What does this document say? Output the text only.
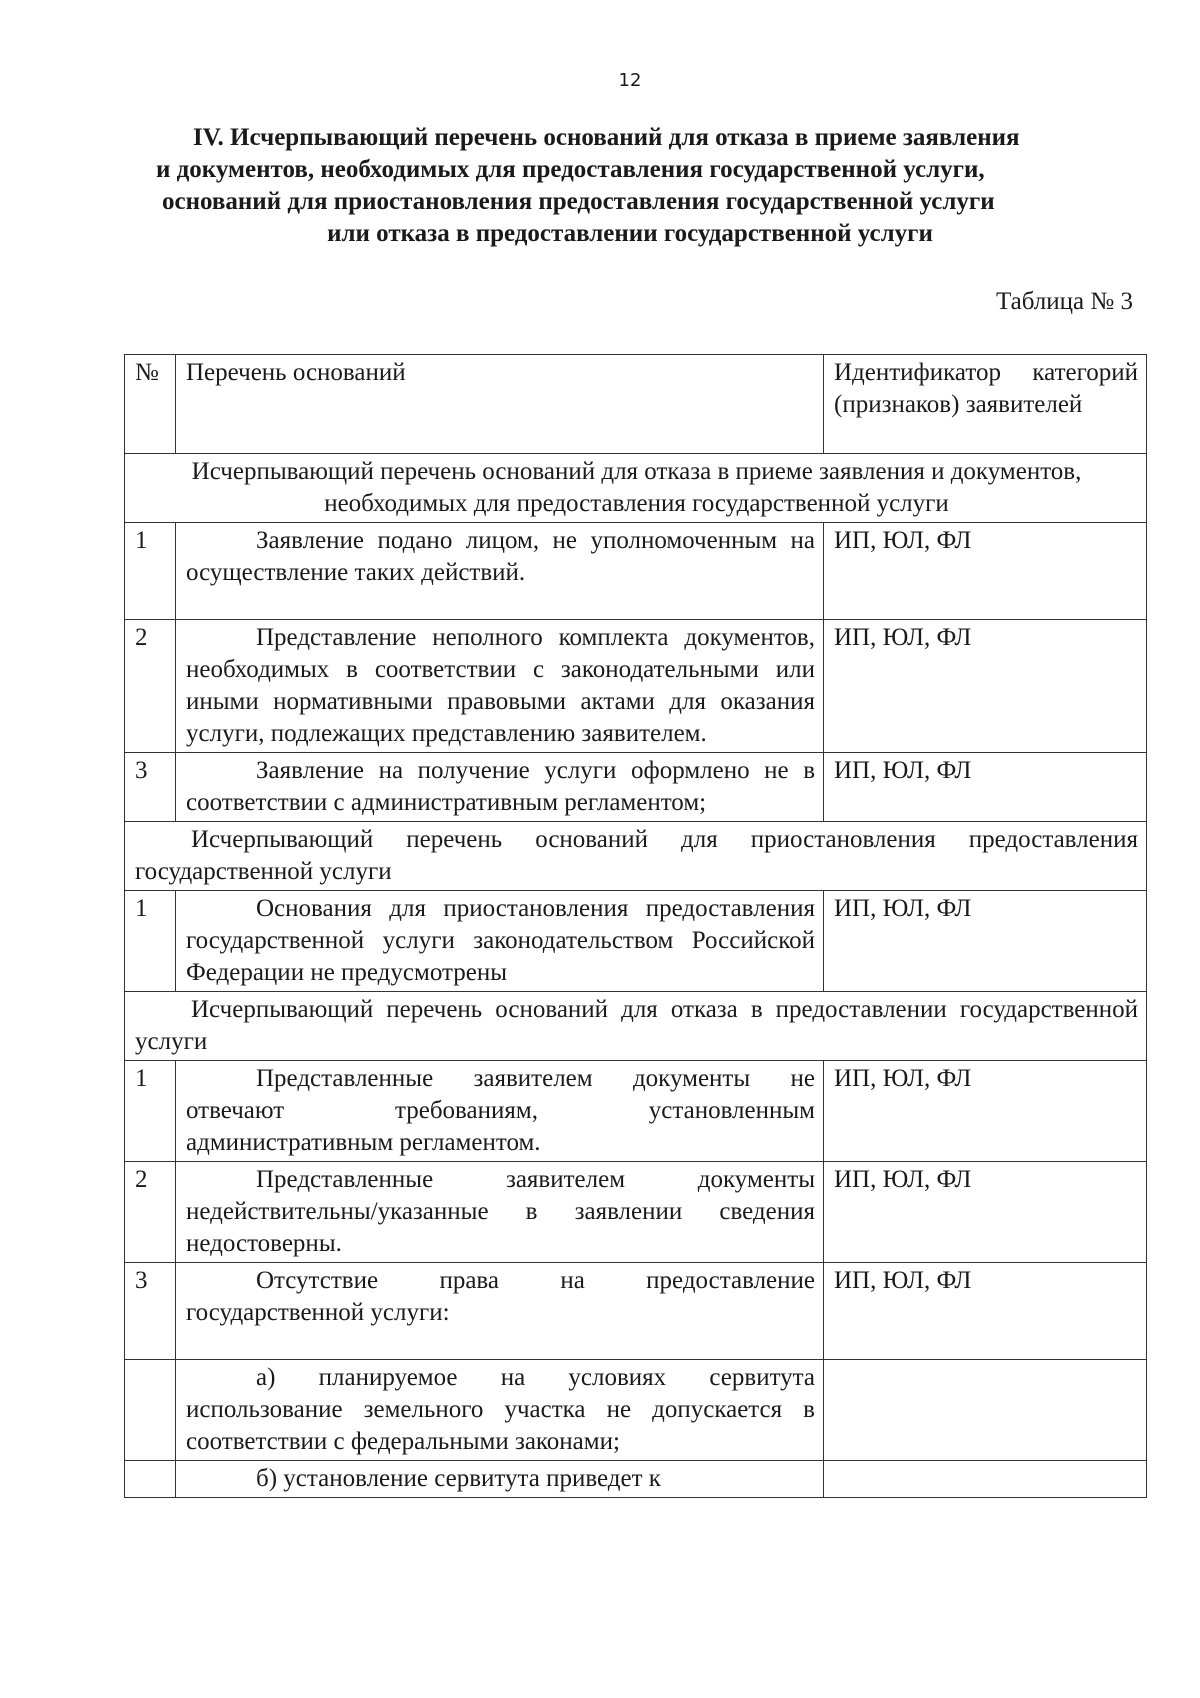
12
IV. Исчерпывающий перечень оснований для отказа в приеме заявления
и документов, необходимых для предоставления государственной услуги,
оснований для приостановления предоставления государственной услуги
или отказа в предоставлении государственной услуги
Таблица № 3
№	Перечень оснований	Идентификатор категорий (признаков) заявителей
Исчерпывающий перечень оснований для отказа в приеме заявления и документов, необходимых для предоставления государственной услуги		
1	Заявление подано лицом, не уполномоченным на осуществление таких действий.	ИП, ЮЛ, ФЛ
2	Представление неполного комплекта документов, необходимых в соответствии с законодательными или иными нормативными правовыми актами для оказания услуги, подлежащих представлению заявителем.	ИП, ЮЛ, ФЛ
3	Заявление на получение услуги оформлено не в соответствии с административным регламентом;	ИП, ЮЛ, ФЛ
Исчерпывающий перечень оснований для приостановления предоставления государственной услуги		
1	Основания для приостановления предоставления государственной услуги законодательством Российской Федерации не предусмотрены	ИП, ЮЛ, ФЛ
Исчерпывающий перечень оснований для отказа в предоставлении государственной услуги		
1	Представленные заявителем документы не отвечают требованиям, установленным административным регламентом.	ИП, ЮЛ, ФЛ
2	Представленные заявителем документы недействительны/указанные в заявлении сведения недостоверны.	ИП, ЮЛ, ФЛ
3	Отсутствие права на предоставление государственной услуги:	ИП, ЮЛ, ФЛ
	а) планируемое на условиях сервитута использование земельного участка не допускается в соответствии с федеральными законами;	
	б) установление сервитута приведет к	
